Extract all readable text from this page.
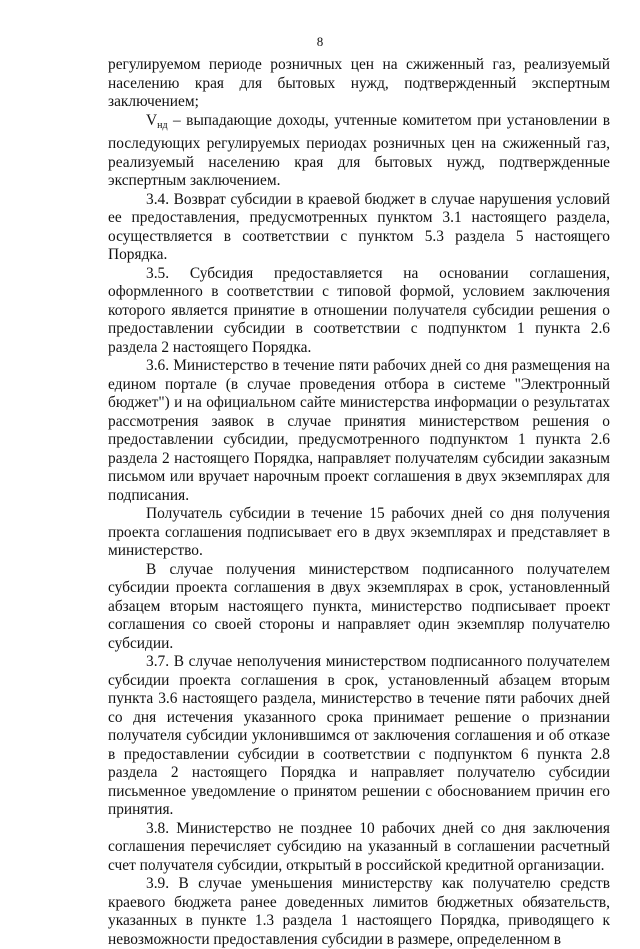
8

регулируемом периоде розничных цен на сжиженный газ, реализуемый населению края для бытовых нужд, подтвержденный экспертным заключением;

$V_{нд}$ – выпадающие доходы, учтенные комитетом при установлении в последующих регулируемых периодах розничных цен на сжиженный газ, реализуемый населению края для бытовых нужд, подтвержденные экспертным заключением.

3.4. Возврат субсидии в краевой бюджет в случае нарушения условий ее предоставления, предусмотренных пунктом 3.1 настоящего раздела, осуществляется в соответствии с пунктом 5.3 раздела 5 настоящего Порядка.

3.5. Субсидия предоставляется на основании соглашения, оформленного в соответствии с типовой формой, условием заключения которого является принятие в отношении получателя субсидии решения о предоставлении субсидии в соответствии с подпунктом 1 пункта 2.6 раздела 2 настоящего Порядка.

3.6. Министерство в течение пяти рабочих дней со дня размещения на едином портале (в случае проведения отбора в системе "Электронный бюджет") и на официальном сайте министерства информации о результатах рассмотрения заявок в случае принятия министерством решения о предоставлении субсидии, предусмотренного подпунктом 1 пункта 2.6 раздела 2 настоящего Порядка, направляет получателям субсидии заказным письмом или вручает нарочным проект соглашения в двух экземплярах для подписания.

Получатель субсидии в течение 15 рабочих дней со дня получения проекта соглашения подписывает его в двух экземплярах и представляет в министерство.

В случае получения министерством подписанного получателем субсидии проекта соглашения в двух экземплярах в срок, установленный абзацем вторым настоящего пункта, министерство подписывает проект соглашения со своей стороны и направляет один экземпляр получателю субсидии.

3.7. В случае неполучения министерством подписанного получателем субсидии проекта соглашения в срок, установленный абзацем вторым пункта 3.6 настоящего раздела, министерство в течение пяти рабочих дней со дня истечения указанного срока принимает решение о признании получателя субсидии уклонившимся от заключения соглашения и об отказе в предоставлении субсидии в соответствии с подпунктом 6 пункта 2.8 раздела 2 настоящего Порядка и направляет получателю субсидии письменное уведомление о принятом решении с обоснованием причин его принятия.

3.8. Министерство не позднее 10 рабочих дней со дня заключения соглашения перечисляет субсидию на указанный в соглашении расчетный счет получателя субсидии, открытый в российской кредитной организации.

3.9. В случае уменьшения министерству как получателю средств краевого бюджета ранее доведенных лимитов бюджетных обязательств, указанных в пункте 1.3 раздела 1 настоящего Порядка, приводящего к невозможности предоставления субсидии в размере, определенном в
